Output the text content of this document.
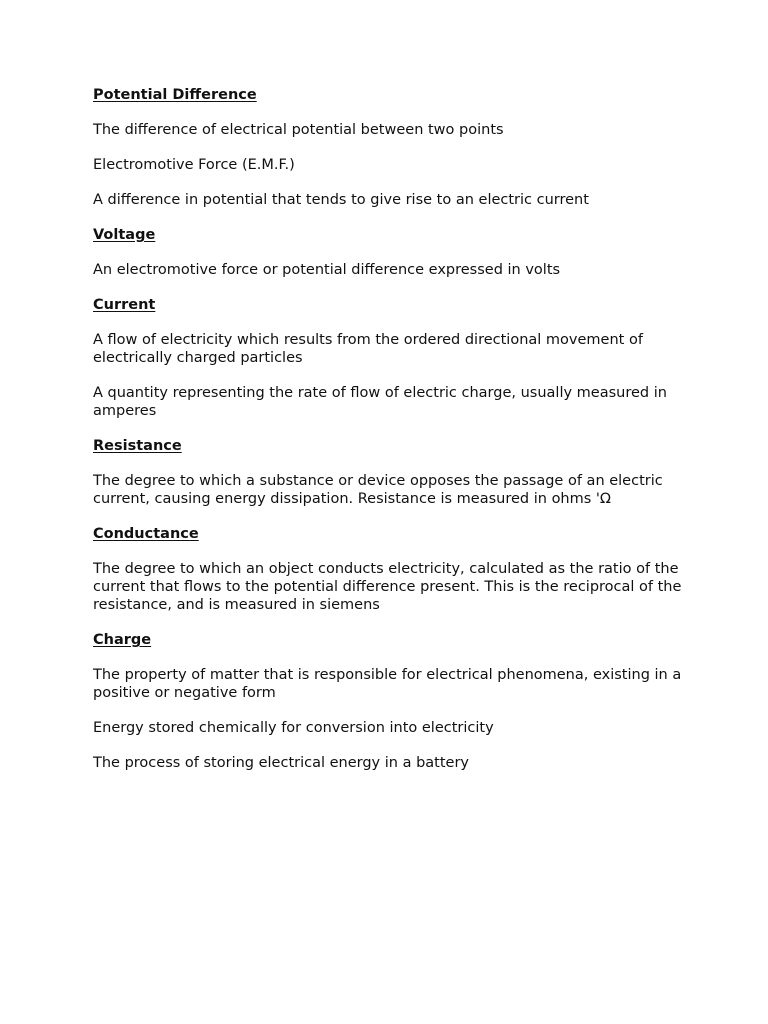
Potential Difference

The difference of electrical potential between two points

Electromotive Force (E.M.F.)

A difference in potential that tends to give rise to an electric current

Voltage

An electromotive force or potential difference expressed in volts

Current

A flow of electricity which results from the ordered directional movement of electrically charged particles

A quantity representing the rate of flow of electric charge, usually measured in amperes

Resistance

The degree to which a substance or device opposes the passage of an electric current, causing energy dissipation. Resistance is measured in ohms 'Ω

Conductance

The degree to which an object conducts electricity, calculated as the ratio of the current that flows to the potential difference present. This is the reciprocal of the resistance, and is measured in siemens

Charge

The property of matter that is responsible for electrical phenomena, existing in a positive or negative form

Energy stored chemically for conversion into electricity

The process of storing electrical energy in a battery
